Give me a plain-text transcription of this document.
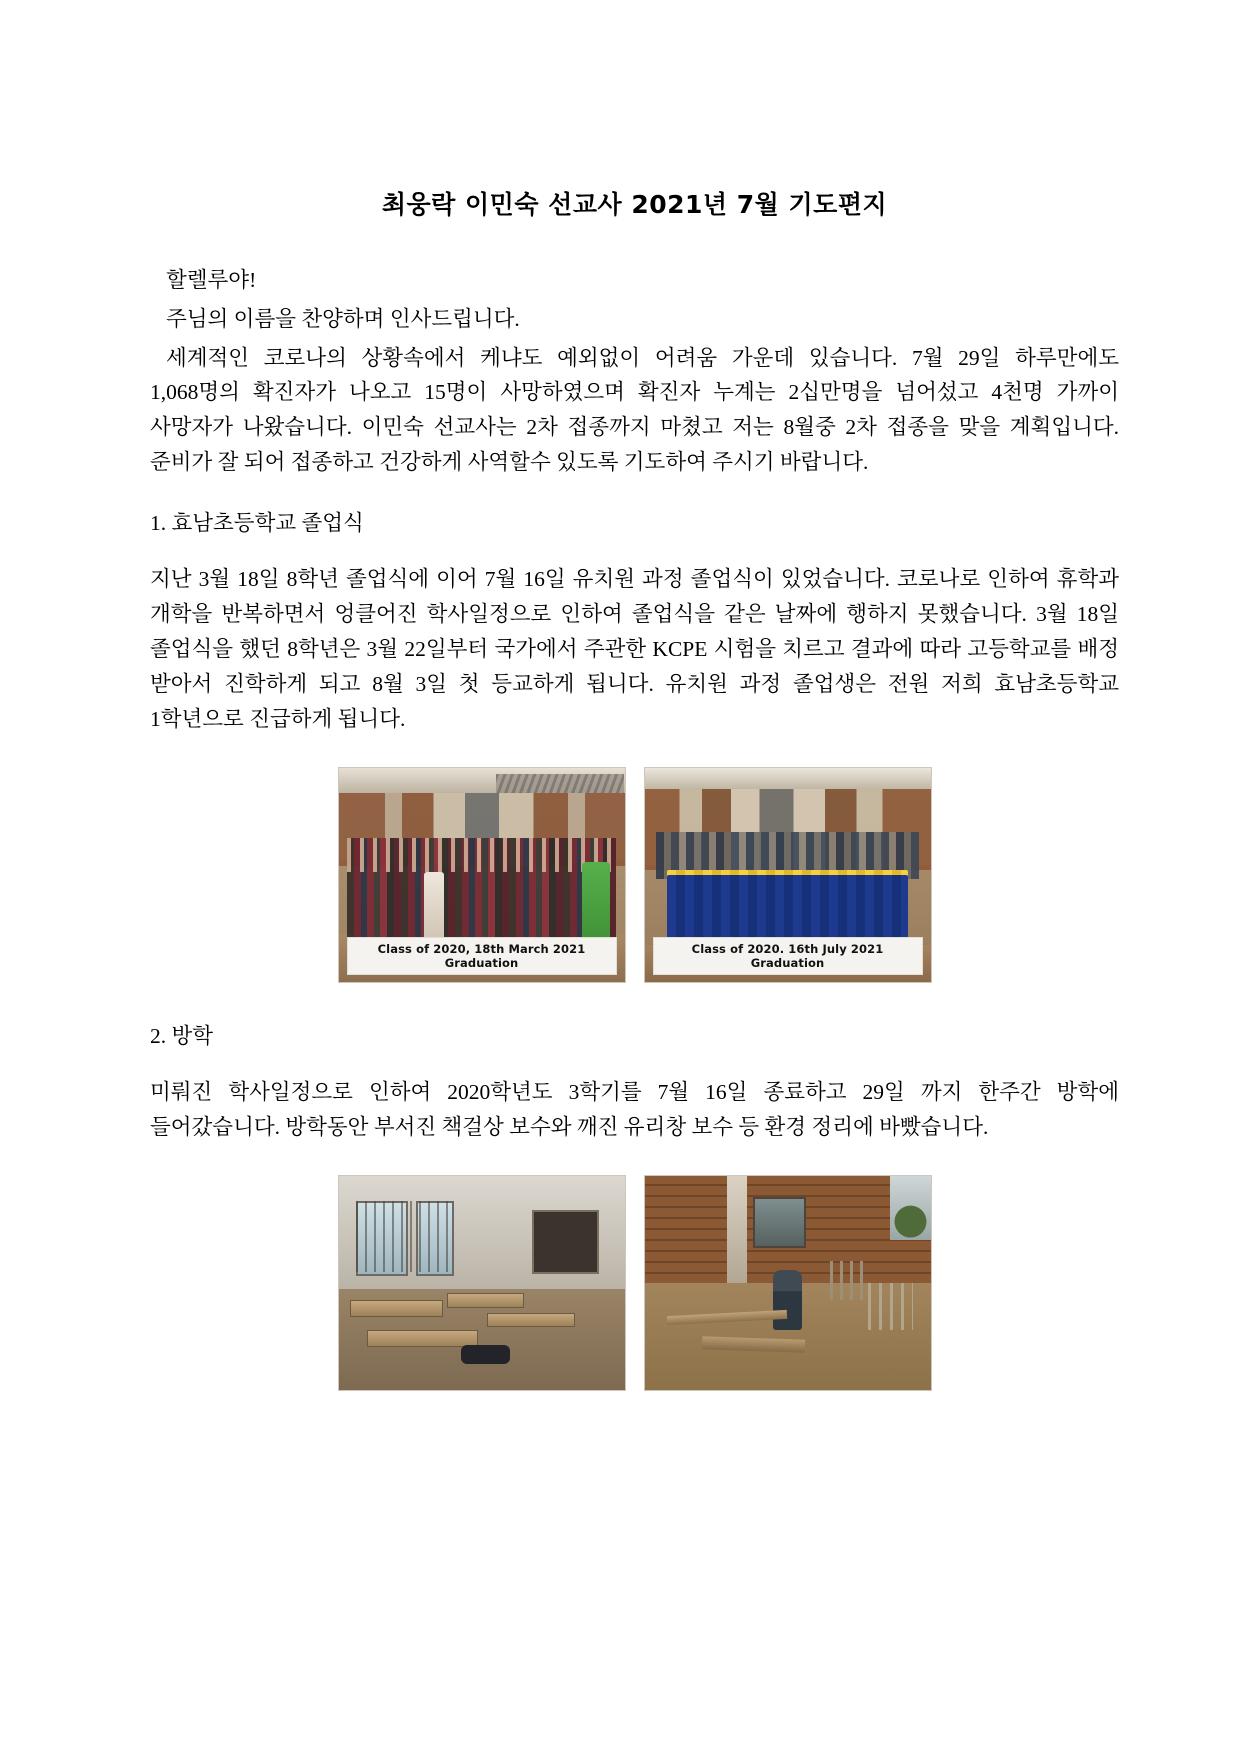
최웅락 이민숙 선교사 2021년 7월 기도편지

할렐루야!

주님의 이름을 찬양하며 인사드립니다.

세계적인 코로나의 상황속에서 케냐도 예외없이 어려움 가운데 있습니다. 7월 29일 하루만에도 1,068명의 확진자가 나오고 15명이 사망하였으며 확진자 누계는 2십만명을 넘어섰고 4천명 가까이 사망자가 나왔습니다. 이민숙 선교사는 2차 접종까지 마쳤고 저는 8월중 2차 접종을 맞을 계획입니다. 준비가 잘 되어 접종하고 건강하게 사역할수 있도록 기도하여 주시기 바랍니다.

1. 효남초등학교 졸업식

지난 3월 18일 8학년 졸업식에 이어 7월 16일 유치원 과정 졸업식이 있었습니다. 코로나로 인하여 휴학과 개학을 반복하면서 엉클어진 학사일정으로 인하여 졸업식을 같은 날짜에 행하지 못했습니다. 3월 18일 졸업식을 했던 8학년은 3월 22일부터 국가에서 주관한 KCPE 시험을 치르고 결과에 따라 고등학교를 배정 받아서 진학하게 되고 8월 3일 첫 등교하게 됩니다. 유치원 과정 졸업생은 전원 저희 효남초등학교 1학년으로 진급하게 됩니다.

Class of 2020, 18th March 2021 Graduation
Class of 2020. 16th July 2021 Graduation

2. 방학

미뤄진 학사일정으로 인하여 2020학년도 3학기를 7월 16일 종료하고 29일 까지 한주간 방학에 들어갔습니다. 방학동안 부서진 책걸상 보수와 깨진 유리창 보수 등 환경 정리에 바빴습니다.
